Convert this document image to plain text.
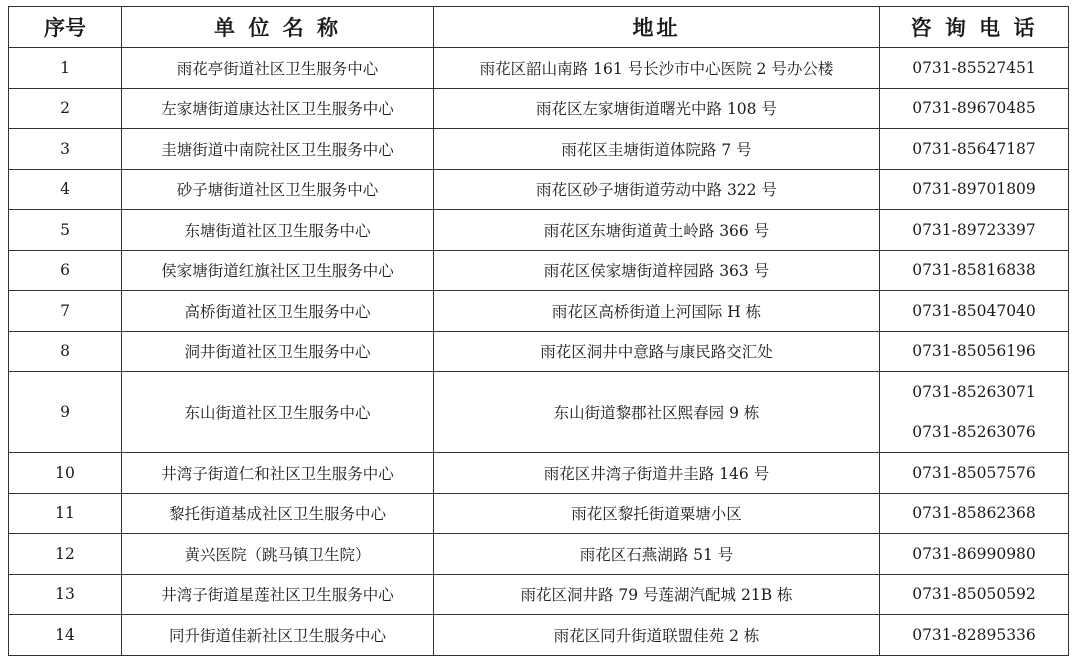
序号	单 位 名 称	地址	咨 询 电 话
1	雨花亭街道社区卫生服务中心	雨花区韶山南路 161 号长沙市中心医院 2 号办公楼	0731-85527451

2	左家塘街道康达社区卫生服务中心	雨花区左家塘街道曙光中路 108 号	0731-89670485

3	圭塘街道中南院社区卫生服务中心	雨花区圭塘街道体院路 7 号	0731-85647187

4	砂子塘街道社区卫生服务中心	雨花区砂子塘街道劳动中路 322 号	0731-89701809

5	东塘街道社区卫生服务中心	雨花区东塘街道黄土岭路 366 号	0731-89723397

6	侯家塘街道红旗社区卫生服务中心	雨花区侯家塘街道梓园路 363 号	0731-85816838

7	高桥街道社区卫生服务中心	雨花区高桥街道上河国际 H 栋	0731-85047040

8	洞井街道社区卫生服务中心	雨花区洞井中意路与康民路交汇处	0731-85056196

9	东山街道社区卫生服务中心	东山街道黎郡社区熙春园 9 栋	0731-85263071
0731-85263076

10	井湾子街道仁和社区卫生服务中心	雨花区井湾子街道井圭路 146 号	0731-85057576

11	黎托街道基成社区卫生服务中心	雨花区黎托街道粟塘小区	0731-85862368

12	黄兴医院（跳马镇卫生院）	雨花区石燕湖路 51 号	0731-86990980

13	井湾子街道星莲社区卫生服务中心	雨花区洞井路 79 号莲湖汽配城 21B 栋	0731-85050592

14	同升街道佳新社区卫生服务中心	雨花区同升街道联盟佳苑 2 栋	0731-82895336
